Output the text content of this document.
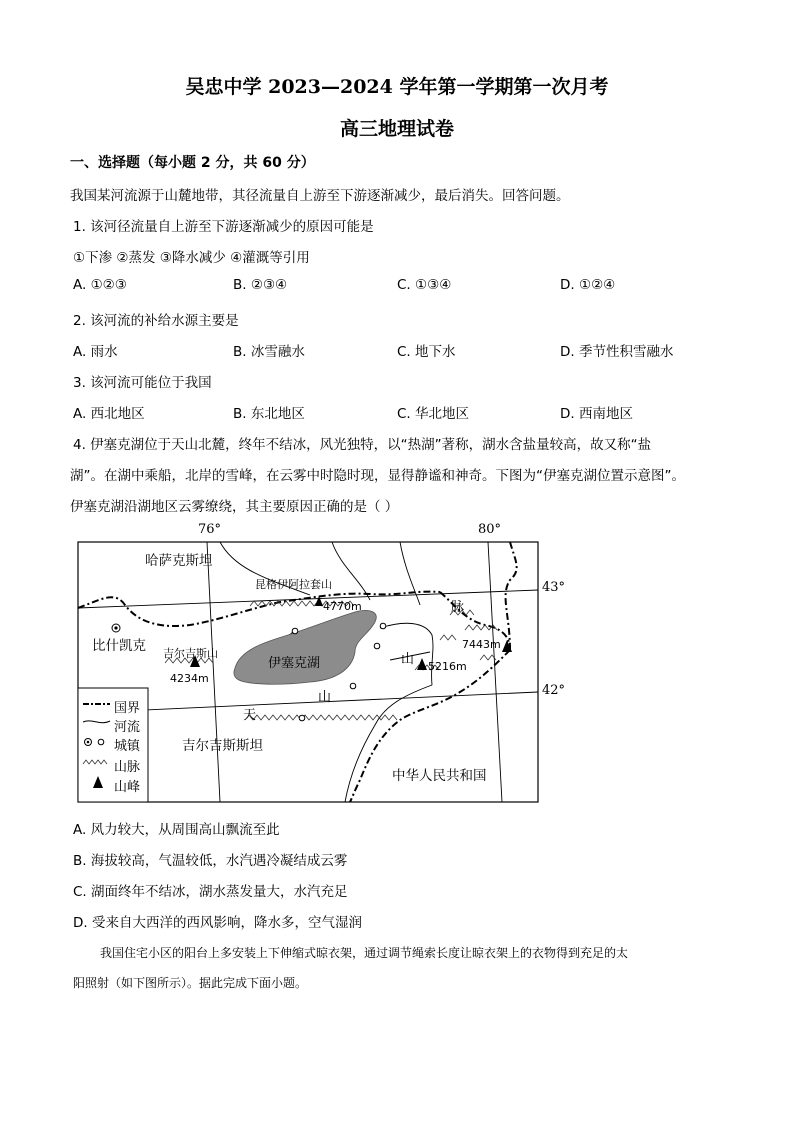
吴忠中学 2023—2024 学年第一学期第一次月考
高三地理试卷
一、选择题（每小题 2 分，共 60 分）
我国某河流源于山麓地带，其径流量自上游至下游逐渐减少，最后消失。回答问题。
1. 该河径流量自上游至下游逐渐减少的原因可能是
①下渗 ②蒸发 ③降水减少 ④灌溉等引用
A. ①②③	B. ②③④	C. ①③④	D. ①②④
2. 该河流的补给水源主要是
A. 雨水	B. 冰雪融水	C. 地下水	D. 季节性积雪融水
3. 该河流可能位于我国
A. 西北地区	B. 东北地区	C. 华北地区	D. 西南地区
4. 伊塞克湖位于天山北麓，终年不结冰，风光独特，以“热湖”著称，湖水含盐量较高，故又称“盐
湖”。在湖中乘船，北岸的雪峰，在云雾中时隐时现，显得静谧和神奇。下图为“伊塞克湖位置示意图”。
伊塞克湖沿湖地区云雾缭绕，其主要原因正确的是（ ）
76°	80°
43°
42°
哈萨克斯坦
昆格伊阿拉套山
4770m
比什凯克 吉尔吉斯山
4234m
伊塞克湖	山 5216m
7443m
脉
天
山
吉尔吉斯斯坦
中华人民共和国
国界
河流
城镇
山脉
山峰
A. 风力较大，从周围高山飘流至此
B. 海拔较高，气温较低，水汽遇冷凝结成云雾
C. 湖面终年不结冰，湖水蒸发量大，水汽充足
D. 受来自大西洋的西风影响，降水多，空气湿润
我国住宅小区的阳台上多安装上下伸缩式晾衣架，通过调节绳索长度让晾衣架上的衣物得到充足的太
阳照射（如下图所示）。据此完成下面小题。
